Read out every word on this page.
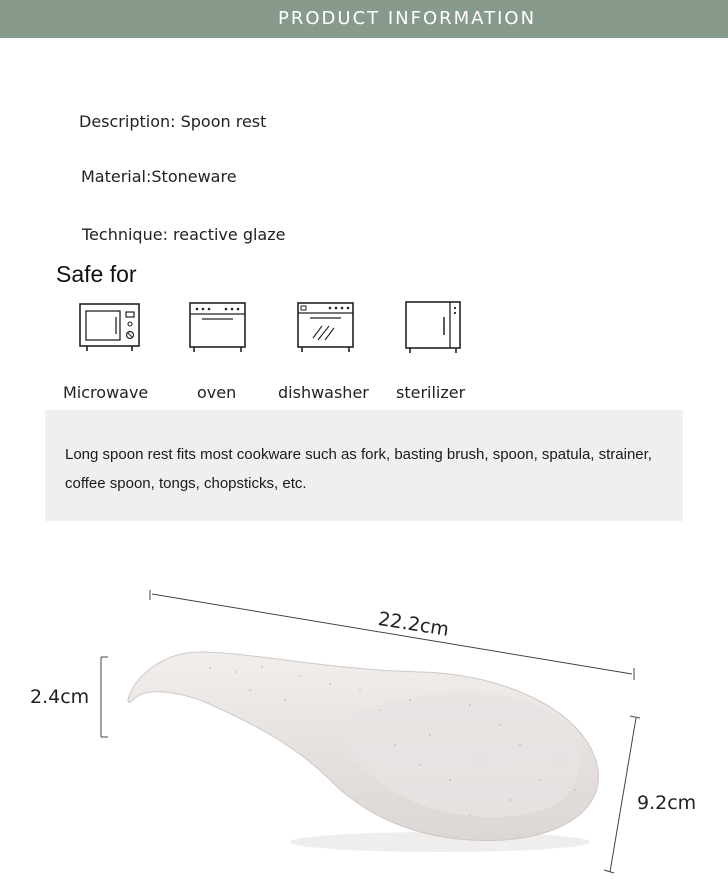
PRODUCT INFORMATION
Description: Spoon rest
Material:Stoneware
Technique: reactive glaze
Safe for
Microwave	oven	dishwasher sterilizer
Long spoon rest fits most cookware such as fork, basting brush, spoon, spatula, strainer, coffee spoon, tongs, chopsticks, etc.
22.2cm
2.4cm
9.2cm
